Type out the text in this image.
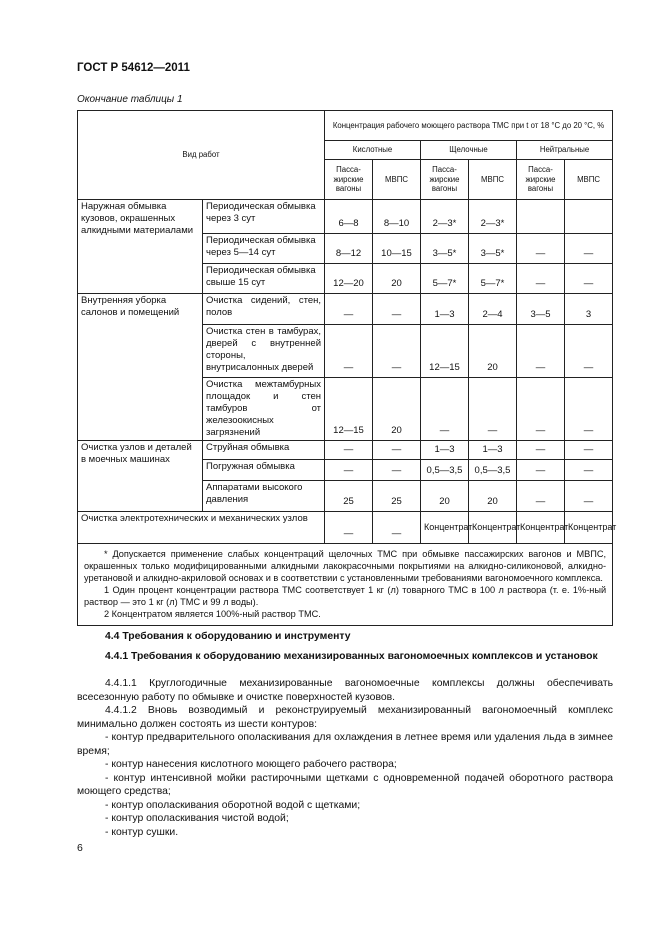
ГОСТ Р 54612—2011
Окончание таблицы 1
Вид работ		Концентрация рабочего моющего раствора ТМС при t от 18 °С до 20 °С, %					
		Кислотные		Щелочные		Нейтральные	
		Пасса-жирские вагоны	МВПС	Пасса-жирские вагоны	МВПС	Пасса-жирские вагоны	МВПС
Наружная обмывка кузовов, окрашенных алкидными материалами	Периодическая обмывка через 3 сут	6—8	8—10	2—3*	2—3*		
	Периодическая обмывка через 5—14 сут	8—12	10—15	3—5*	3—5*	—	—
	Периодическая обмывка свыше 15 сут	12—20	20	5—7*	5—7*	—	—
Внутренняя уборка салонов и помещений	Очистка сидений, стен, полов	—	—	1—3	2—4	3—5	3
	Очистка стен в тамбурах, дверей с внутренней стороны, внутрисалонных дверей	—	—	12—15	20	—	—
	Очистка межтамбурных площадок и стен тамбуров от железоокисных загрязнений	12—15	20	—	—	—	—
Очистка узлов и деталей в моечных машинах	Струйная обмывка	—	—	1—3	1—3	—	—
	Погружная обмывка	—	—	0,5—3,5	0,5—3,5	—	—
	Аппаратами высокого давления	25	25	20	20	—	—
Очистка электротехнических и механических узлов		—	—	Концентрат	Концентрат	Концентрат	Концентрат

* Допускается применение слабых концентраций щелочных ТМС при обмывке пассажирских вагонов и МВПС, окрашенных только модифицированными алкидными лакокрасочными покрытиями на алкидно-силиконовой, алкидно-уретановой и алкидно-акриловой основах и в соответствии с установленными требованиями вагономоечного комплекса.
1 Один процент концентрации раствора ТМС соответствует 1 кг (л) товарного ТМС в 100 л раствора (т. е. 1%-ный раствор — это 1 кг (л) ТМС и 99 л воды).
2 Концентратом является 100%-ный раствор ТМС.							
4.4 Требования к оборудованию и инструменту
4.4.1 Требования к оборудованию механизированных вагономоечных комплексов и установок
4.4.1.1 Круглогодичные механизированные вагономоечные комплексы должны обеспечивать всесезонную работу по обмывке и очистке поверхностей кузовов.
4.4.1.2 Вновь возводимый и реконструируемый механизированный вагономоечный комплекс минимально должен состоять из шести контуров:
- контур предварительного ополаскивания для охлаждения в летнее время или удаления льда в зимнее время;
- контур нанесения кислотного моющего рабочего раствора;
- контур интенсивной мойки растирочными щетками с одновременной подачей оборотного раствора моющего средства;
- контур ополаскивания оборотной водой с щетками;
- контур ополаскивания чистой водой;
- контур сушки.
6
